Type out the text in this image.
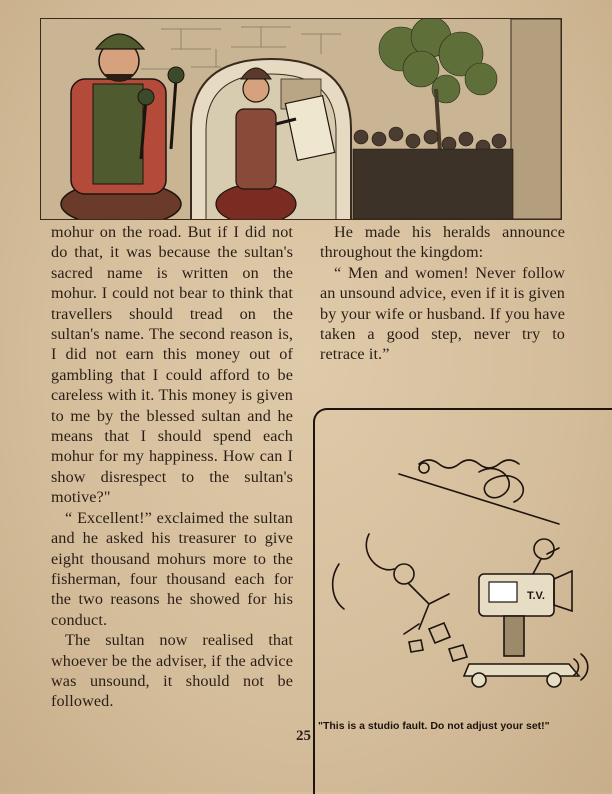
mohur on the road. But if I did not do that, it was because the sultan's sacred name is written on the mohur. I could not bear to think that travellers should tread on the sultan's name. The second reason is, I did not earn this money out of gambling that I could afford to be careless with it. This money is given to me by the blessed sultan and he means that I should spend each mohur for my happiness. How can I show disrespect to the sultan's motive?"

“ Excellent!” exclaimed the sultan and he asked his treasurer to give eight thousand mohurs more to the fisherman, four thousand each for the two reasons he showed for his conduct.

The sultan now realised that whoever be the adviser, if the advice was unsound, it should not be followed.

He made his heralds announce throughout the kingdom:

“ Men and women! Never follow an unsound advice, even if it is given by your wife or husband. If you have taken a good step, never try to retrace it.”

25
T.V.
"This is a studio fault. Do not adjust your set!"
